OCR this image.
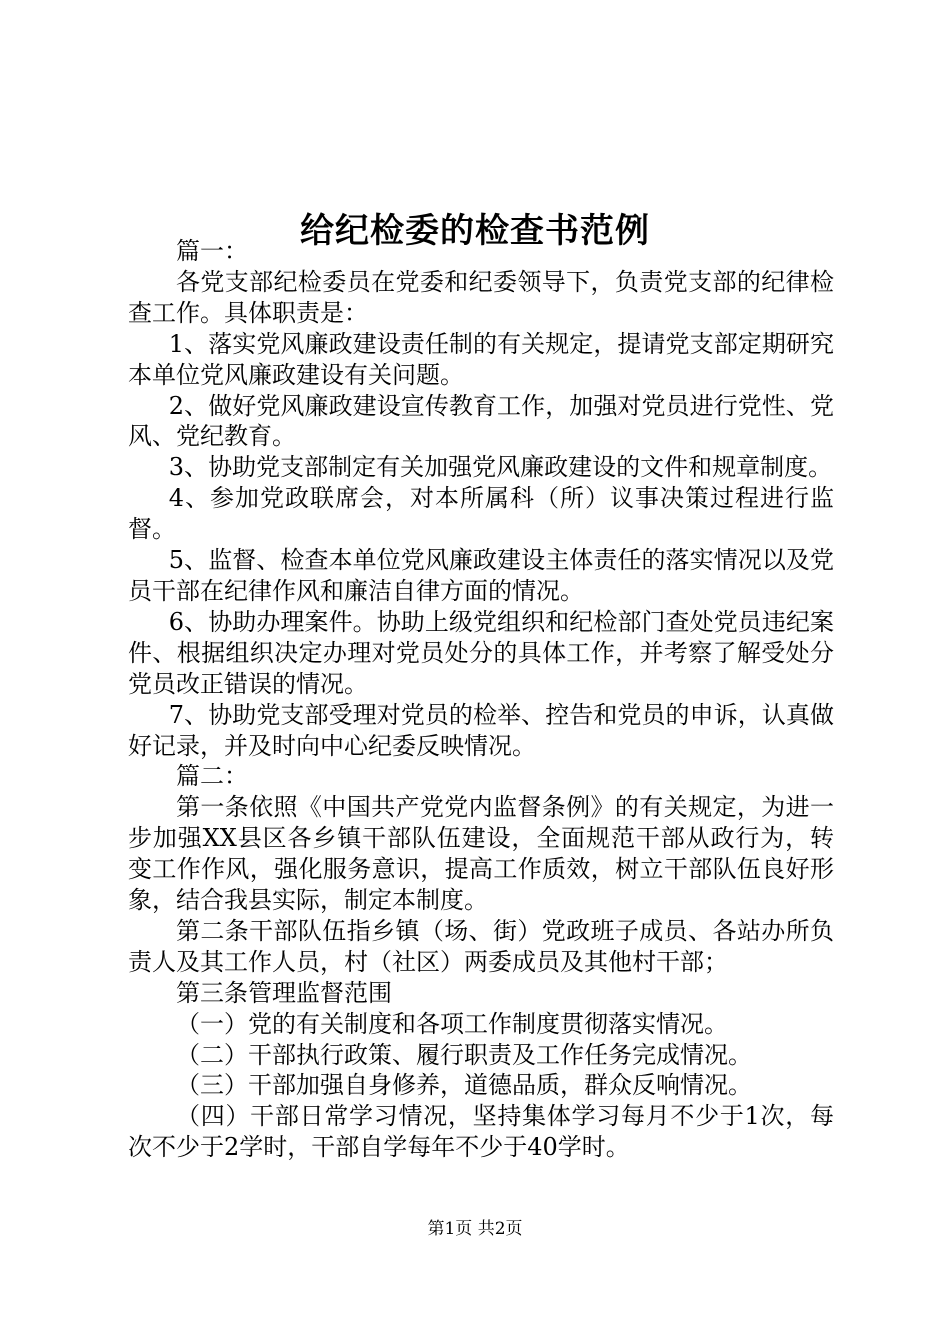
给纪检委的检查书范例

篇一：

各党支部纪检委员在党委和纪委领导下，负责党支部的纪律检查工作。具体职责是：

1、落实党风廉政建设责任制的有关规定，提请党支部定期研究本单位党风廉政建设有关问题。

2、做好党风廉政建设宣传教育工作，加强对党员进行党性、党风、党纪教育。

3、协助党支部制定有关加强党风廉政建设的文件和规章制度。

4、参加党政联席会，对本所属科（所）议事决策过程进行监督。

5、监督、检查本单位党风廉政建设主体责任的落实情况以及党员干部在纪律作风和廉洁自律方面的情况。

6、协助办理案件。协助上级党组织和纪检部门查处党员违纪案件、根据组织决定办理对党员处分的具体工作，并考察了解受处分党员改正错误的情况。

7、协助党支部受理对党员的检举、控告和党员的申诉，认真做好记录，并及时向中心纪委反映情况。

篇二：

第一条依照《中国共产党党内监督条例》的有关规定，为进一步加强XX县区各乡镇干部队伍建设，全面规范干部从政行为，转变工作作风，强化服务意识，提高工作质效，树立干部队伍良好形象，结合我县实际，制定本制度。

第二条干部队伍指乡镇（场、街）党政班子成员、各站办所负责人及其工作人员，村（社区）两委成员及其他村干部；

第三条管理监督范围

（一）党的有关制度和各项工作制度贯彻落实情况。

（二）干部执行政策、履行职责及工作任务完成情况。

（三）干部加强自身修养，道德品质，群众反响情况。

（四）干部日常学习情况，坚持集体学习每月不少于1次，每次不少于2学时，干部自学每年不少于40学时。

第1页 共2页
